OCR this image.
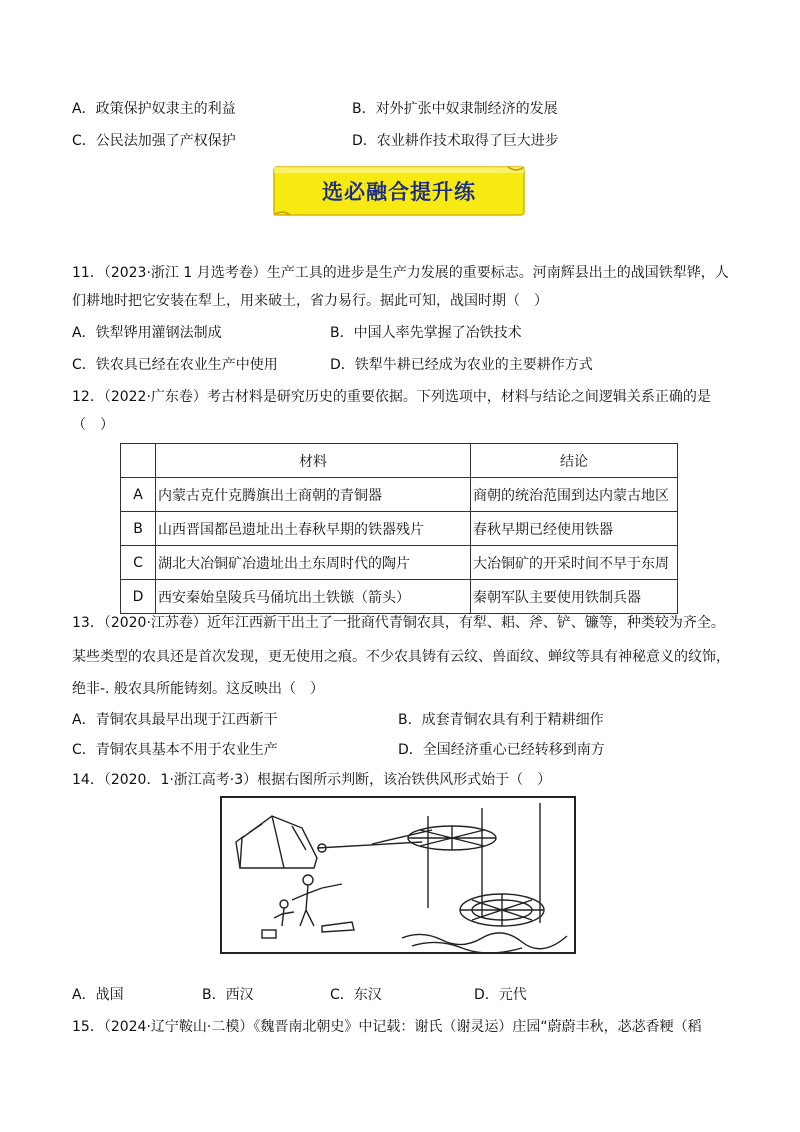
A．政策保护奴隶主的利益	B．对外扩张中奴隶制经济的发展
C．公民法加强了产权保护	D．农业耕作技术取得了巨大进步
选必融合提升练
11．（2023·浙江 1 月选考卷）生产工具的进步是生产力发展的重要标志。河南辉县出土的战国铁犁铧，人
们耕地时把它安装在犁上，用来破土，省力易行。据此可知，战国时期（　）
A．铁犁铧用灌钢法制成	B．中国人率先掌握了冶铁技术
C．铁农具已经在农业生产中使用	D．铁犁牛耕已经成为农业的主要耕作方式
12．（2022·广东卷）考古材料是研究历史的重要依据。下列选项中，材料与结论之间逻辑关系正确的是
（　）
	材料	结论
A	内蒙古克什克腾旗出土商朝的青铜器	商朝的统治范围到达内蒙古地区
B	山西晋国都邑遗址出土春秋早期的铁器残片	春秋早期已经使用铁器
C	湖北大冶铜矿冶遗址出土东周时代的陶片	大冶铜矿的开采时间不早于东周
D	西安秦始皇陵兵马俑坑出土铁镞（箭头）	秦朝军队主要使用铁制兵器
13．（2020·江苏卷）近年江西新干出土了一批商代青铜农具，有犁、耜、斧、铲、镰等，种类较为齐全。
某些类型的农具还是首次发现，更无使用之痕。不少农具铸有云纹、兽面纹、蝉纹等具有神秘意义的纹饰，
绝非-. 般农具所能铸刻。这反映出（　）
A．青铜农具最早出现于江西新干	B．成套青铜农具有利于精耕细作
C．青铜农具基本不用于农业生产	D．全国经济重心已经转移到南方
14．（2020．1·浙江高考·3）根据右图所示判断，该冶铁供风形式始于（　）
A．战国	B．西汉	C．东汉	D．元代
15．（2024·辽宁鞍山·二模）《魏晋南北朝史》中记载：谢氏（谢灵运）庄园“蔚蔚丰秋，苾苾香粳（稻
